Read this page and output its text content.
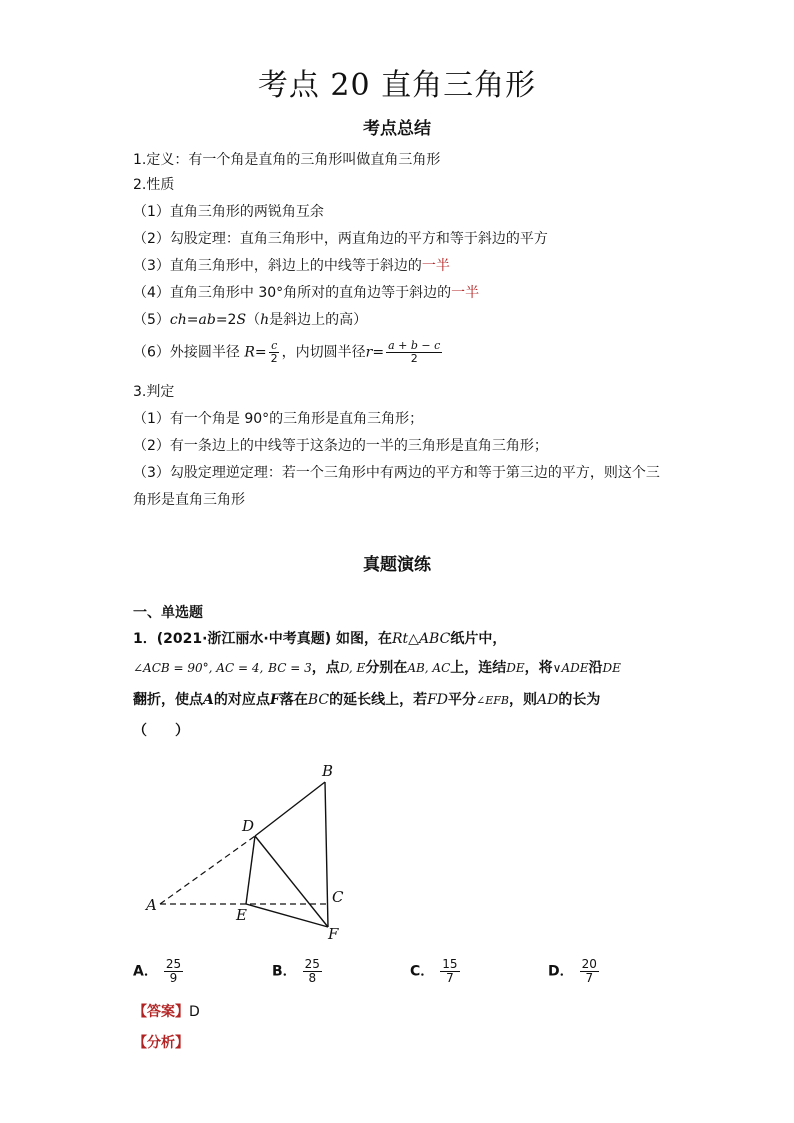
考点 20 直角三角形
考点总结
1.定义：有一个角是直角的三角形叫做直角三角形
2.性质
（1）直角三角形的两锐角互余
（2）勾股定理：直角三角形中，两直角边的平方和等于斜边的平方
（3）直角三角形中，斜边上的中线等于斜边的一半
（4）直角三角形中 30°角所对的直角边等于斜边的一半
（5）ch=ab=2S（h是斜边上的高）
（6）外接圆半径 $R= \frac{c}{2}$ ，内切圆半径$r= \frac{a + b - c}{2}$
3.判定
（1）有一个角是 90°的三角形是直角三角形；
（2）有一条边上的中线等于这条边的一半的三角形是直角三角形；
（3）勾股定理逆定理：若一个三角形中有两边的平方和等于第三边的平方，则这个三
角形是直角三角形
真题演练
一、单选题
1．(2021·浙江丽水·中考真题) 如图，在Rt△ABC纸片中，
∠ACB = 90°, AC = 4, BC = 3，点D, E分别在AB, AC上，连结DE，将∨ADE沿DE
翻折，使点A的对应点F落在BC的延长线上，若FD平分∠EFB，则AD的长为
（　　）
A
B
C
D
E
F
A． $\frac{25}{9}$	B． $\frac{25}{8}$	C． $\frac{15}{7}$	D． $\frac{20}{7}$
【答案】D
【分析】
